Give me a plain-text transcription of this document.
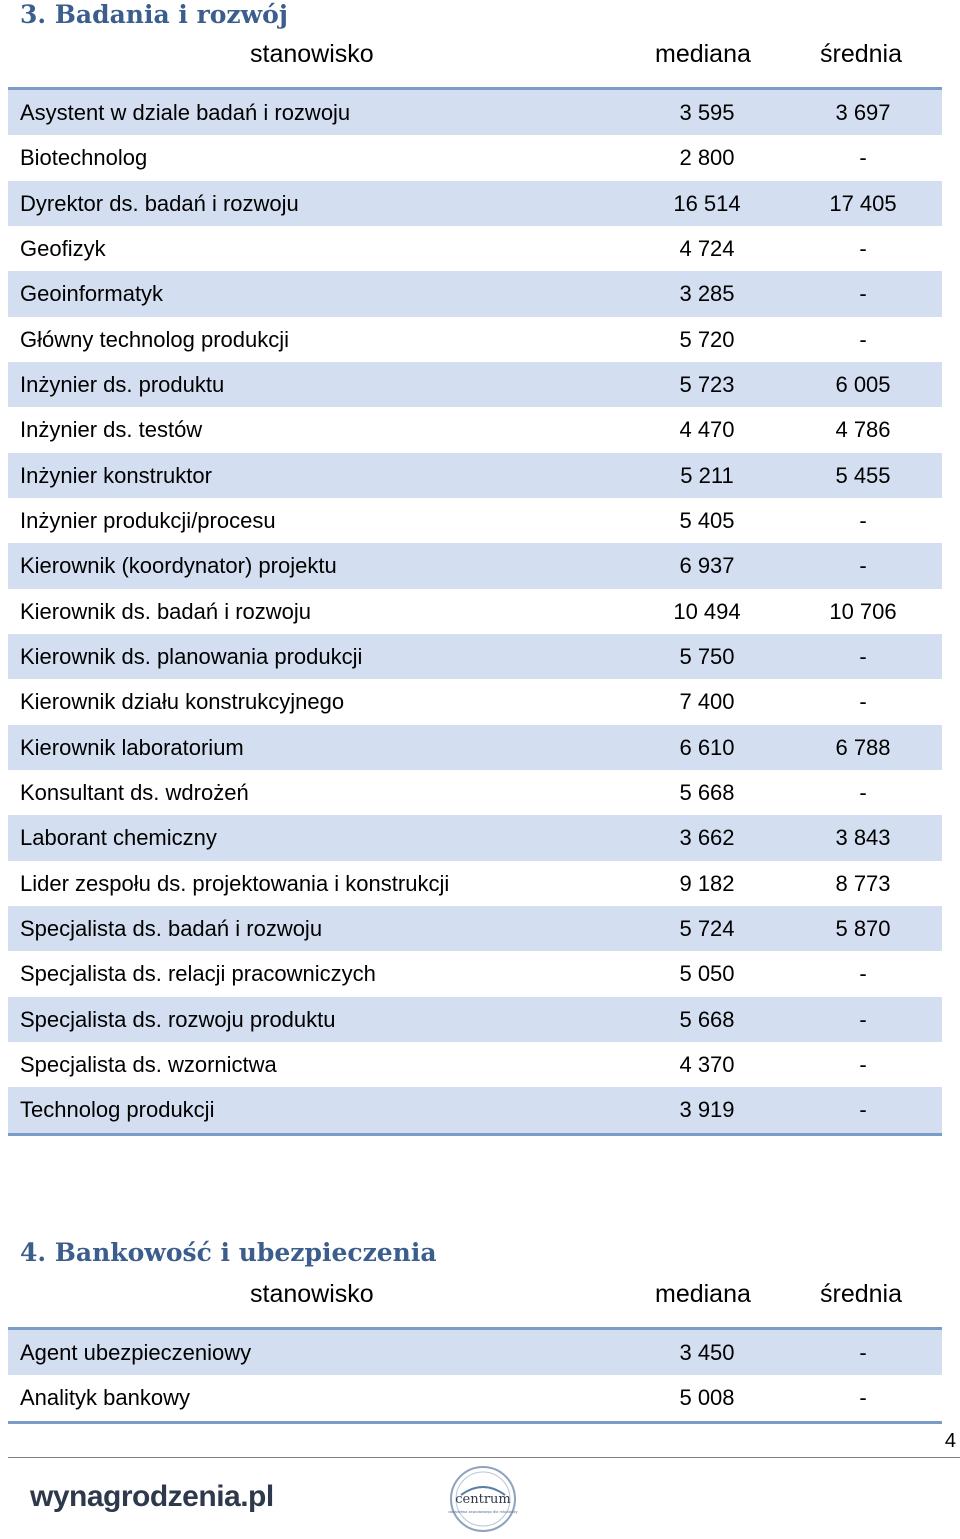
3. Badania i rozwój
stanowisko	mediana	średnia
Asystent w dziale badań i rozwoju	3 595	3 697
Biotechnolog	2 800	-
Dyrektor ds. badań i rozwoju	16 514	17 405
Geofizyk	4 724	-
Geoinformatyk	3 285	-
Główny technolog produkcji	5 720	-
Inżynier ds. produktu	5 723	6 005
Inżynier ds. testów	4 470	4 786
Inżynier konstruktor	5 211	5 455
Inżynier produkcji/procesu	5 405	-
Kierownik (koordynator) projektu	6 937	-
Kierownik ds. badań i rozwoju	10 494	10 706
Kierownik ds. planowania produkcji	5 750	-
Kierownik działu konstrukcyjnego	7 400	-
Kierownik laboratorium	6 610	6 788
Konsultant ds. wdrożeń	5 668	-
Laborant chemiczny	3 662	3 843
Lider zespołu ds. projektowania i konstrukcji	9 182	8 773
Specjalista ds. badań i rozwoju	5 724	5 870
Specjalista ds. relacji pracowniczych	5 050	-
Specjalista ds. rozwoju produktu	5 668	-
Specjalista ds. wzornictwa	4 370	-
Technolog produkcji	3 919	-
4. Bankowość i ubezpieczenia
stanowisko	mediana	średnia
Agent ubezpieczeniowy	3 450	-
Analityk bankowy	5 008	-
4
wynagrodzenia.pl	centrum
doradztwa zawodowego dla młodzieży
